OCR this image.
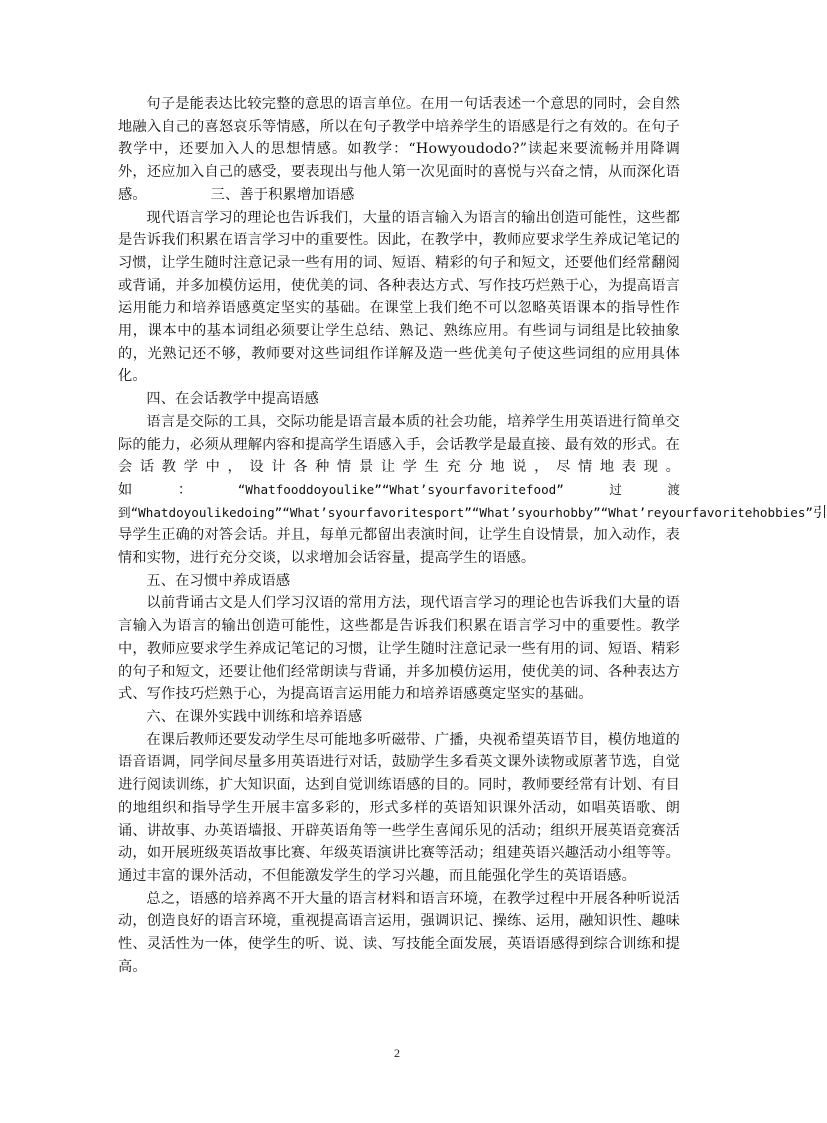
句子是能表达比较完整的意思的语言单位。在用一句话表述一个意思的同时，会自然地融入自己的喜怒哀乐等情感，所以在句子教学中培养学生的语感是行之有效的。在句子教学中，还要加入人的思想情感。如教学：“Howyoudodo?”读起来要流畅并用降调外，还应加入自己的感受，要表现出与他人第一次见面时的喜悦与兴奋之情，从而深化语感。	三、善于积累增加语感

现代语言学习的理论也告诉我们，大量的语言输入为语言的输出创造可能性，这些都是告诉我们积累在语言学习中的重要性。因此，在教学中，教师应要求学生养成记笔记的习惯，让学生随时注意记录一些有用的词、短语、精彩的句子和短文，还要他们经常翻阅或背诵，并多加模仿运用，使优美的词、各种表达方式、写作技巧烂熟于心，为提高语言运用能力和培养语感奠定坚实的基础。在课堂上我们绝不可以忽略英语课本的指导性作用，课本中的基本词组必须要让学生总结、熟记、熟练应用。有些词与词组是比较抽象的，光熟记还不够，教师要对这些词组作详解及造一些优美句子使这些词组的应用具体化。

四、在会话教学中提高语感

语言是交际的工具，交际功能是语言最本质的社会功能，培养学生用英语进行简单交际的能力，必须从理解内容和提高学生语感入手，会话教学是最直接、最有效的形式。在会话教学中，设计各种情景让学生充分地说，尽情地表现。如：“Whatfooddoyoulike”“What’syourfavoritefood”过渡到“Whatdoyoulikedoing”“What’syourfavoritesport”“What’syourhobby”“What’reyourfavoritehobbies”引导学生正确的对答会话。并且，每单元都留出表演时间，让学生自设情景，加入动作，表情和实物，进行充分交谈，以求增加会话容量，提高学生的语感。

五、在习惯中养成语感

以前背诵古文是人们学习汉语的常用方法，现代语言学习的理论也告诉我们大量的语言输入为语言的输出创造可能性，这些都是告诉我们积累在语言学习中的重要性。教学中，教师应要求学生养成记笔记的习惯，让学生随时注意记录一些有用的词、短语、精彩的句子和短文，还要让他们经常朗读与背诵，并多加模仿运用，使优美的词、各种表达方式、写作技巧烂熟于心，为提高语言运用能力和培养语感奠定坚实的基础。

六、在课外实践中训练和培养语感

在课后教师还要发动学生尽可能地多听磁带、广播，央视希望英语节目，模仿地道的语音语调，同学间尽量多用英语进行对话，鼓励学生多看英文课外读物或原著节选，自觉进行阅读训练，扩大知识面，达到自觉训练语感的目的。同时，教师要经常有计划、有目的地组织和指导学生开展丰富多彩的，形式多样的英语知识课外活动，如唱英语歌、朗诵、讲故事、办英语墙报、开辟英语角等一些学生喜闻乐见的活动；组织开展英语竞赛活动，如开展班级英语故事比赛、年级英语演讲比赛等活动；组建英语兴趣活动小组等等。通过丰富的课外活动，不但能激发学生的学习兴趣，而且能强化学生的英语语感。

总之，语感的培养离不开大量的语言材料和语言环境，在教学过程中开展各种听说活动，创造良好的语言环境，重视提高语言运用，强调识记、操练、运用，融知识性、趣味性、灵活性为一体，使学生的听、说、读、写技能全面发展，英语语感得到综合训练和提高。

2
